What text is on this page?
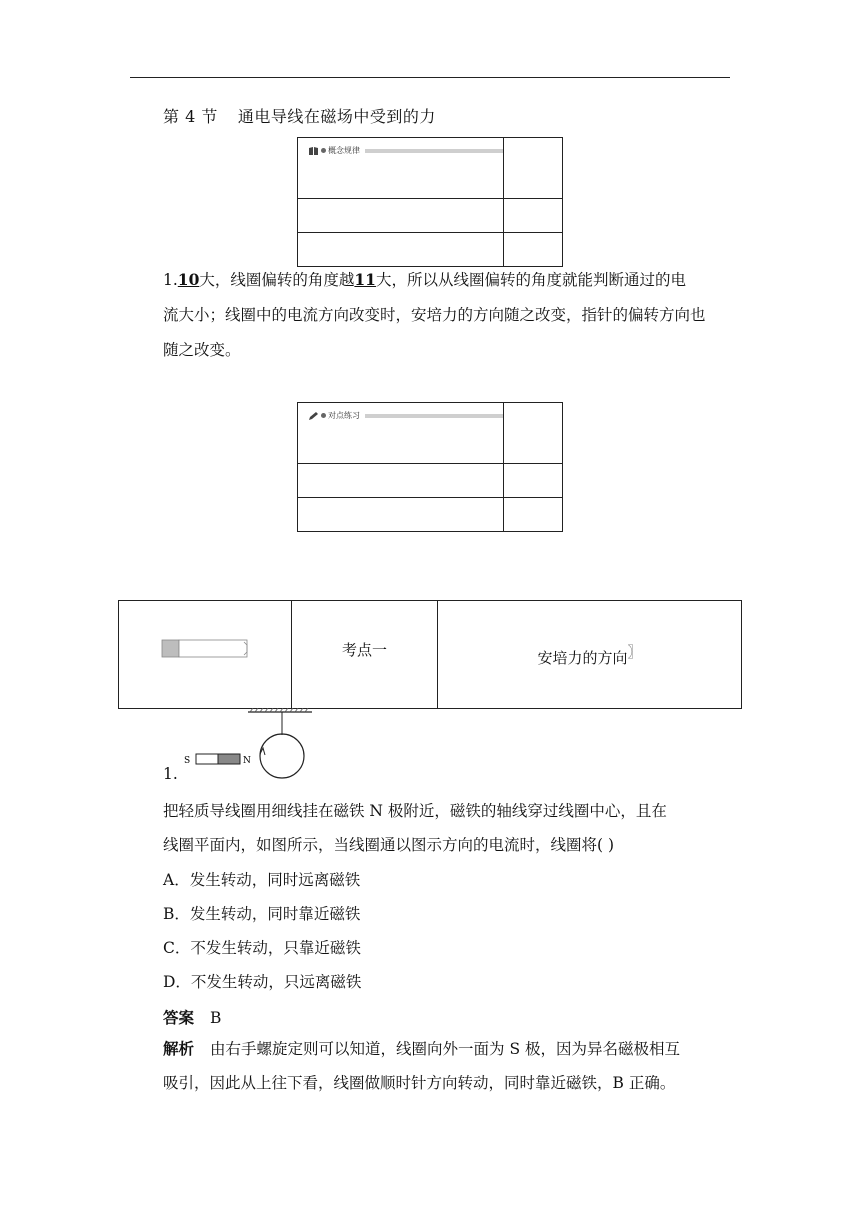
第 4 节 通电导线在磁场中受到的力
概念规律	

1.10大，线圈偏转的角度越11大，所以从线圈偏转的角度就能判断通过的电
流大小；线圈中的电流方向改变时，安培力的方向随之改变，指针的偏转方向也
随之改变。
对点练习	

	考点一	安培力的方向〗
S	N
1.
把轻质导线圈用细线挂在磁铁 N 极附近，磁铁的轴线穿过线圈中心，且在
线圈平面内，如图所示，当线圈通以图示方向的电流时，线圈将( )
A．发生转动，同时远离磁铁
B．发生转动，同时靠近磁铁
C．不发生转动，只靠近磁铁
D．不发生转动，只远离磁铁
答案 B
解析 由右手螺旋定则可以知道，线圈向外一面为 S 极，因为异名磁极相互
吸引，因此从上往下看，线圈做顺时针方向转动，同时靠近磁铁，B 正确。
